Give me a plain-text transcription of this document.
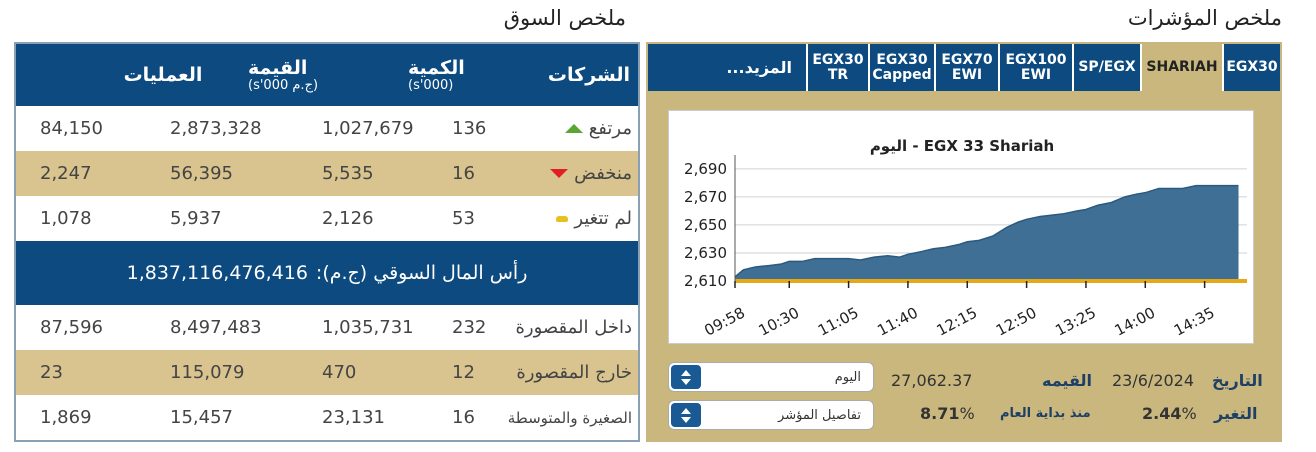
ملخص السوق
الشركات
الكمية
(s'000)
القيمة
(ج.م s'000)
العمليات
مرتفع
136
1,027,679
2,873,328
84,150
منخفض
16
5,535
56,395
2,247
لم تتغير
53
2,126
5,937
1,078
رأس المال السوقي (ج.م):
1,837,116,476,416
داخل المقصورة
232
1,035,731
8,497,483
87,596
خارج المقصورة
12
470
115,079
23
الصغيرة والمتوسطة
16
23,131
15,457
1,869
ملخص المؤشرات
EGX30
SHARIAH
SP/EGX
EGX100
EWI
EGX70
EWI
EGX30
Capped
EGX30
TR
المزيد...
EGX 33 Shariah - اليوم
2,610
2,630
2,650
2,670
2,690
09:58 10:30 11:05 11:40 12:15 12:50 13:25 14:00 14:35
اليوم
تفاصيل المؤشر
التاريخ
23/6/2024
القيمه
27,062.37
التغير
2.44 %
منذ بداية العام
8.71 %
